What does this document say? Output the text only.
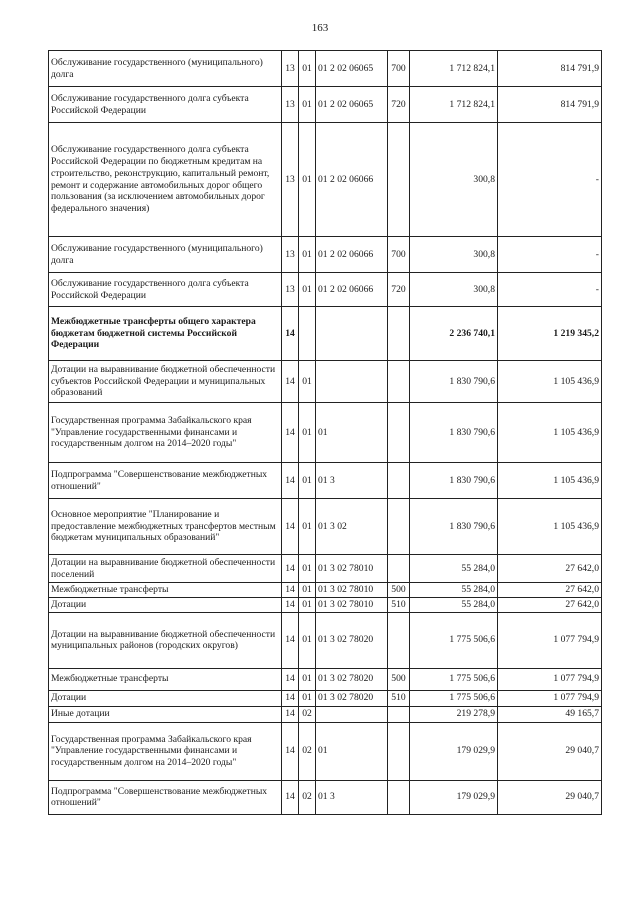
163
Обслуживание государственного (муниципального) долга	13	01	01 2 02 06065	700	1 712 824,1	814 791,9
Обслуживание государственного долга субъекта Российской Федерации	13	01	01 2 02 06065	720	1 712 824,1	814 791,9
Обслуживание государственного долга субъекта Российской Федерации по бюджетным кредитам на строительство, реконструкцию, капитальный ремонт, ремонт и содержание автомобильных дорог общего пользования (за исключением автомобильных дорог федерального значения)	13	01	01 2 02 06066		300,8	-
Обслуживание государственного (муниципального) долга	13	01	01 2 02 06066	700	300,8	-
Обслуживание государственного долга субъекта Российской Федерации	13	01	01 2 02 06066	720	300,8	-
Межбюджетные трансферты общего характера бюджетам бюджетной системы Российской Федерации	14				2 236 740,1	1 219 345,2
Дотации на выравнивание бюджетной обеспеченности субъектов Российской Федерации и муниципальных образований	14	01			1 830 790,6	1 105 436,9
Государственная программа Забайкальского края "Управление государственными финансами и государственным долгом на 2014–2020 годы"	14	01	01		1 830 790,6	1 105 436,9
Подпрограмма "Совершенствование межбюджетных отношений"	14	01	01 3		1 830 790,6	1 105 436,9
Основное мероприятие "Планирование и предоставление межбюджетных трансфертов местным бюджетам муниципальных образований"	14	01	01 3 02		1 830 790,6	1 105 436,9
Дотации на выравнивание бюджетной обеспеченности поселений	14	01	01 3 02 78010		55 284,0	27 642,0
Межбюджетные трансферты	14	01	01 3 02 78010	500	55 284,0	27 642,0
Дотации	14	01	01 3 02 78010	510	55 284,0	27 642,0
Дотации на выравнивание бюджетной обеспеченности муниципальных районов (городских округов)	14	01	01 3 02 78020		1 775 506,6	1 077 794,9
Межбюджетные трансферты	14	01	01 3 02 78020	500	1 775 506,6	1 077 794,9
Дотации	14	01	01 3 02 78020	510	1 775 506,6	1 077 794,9
Иные дотации	14	02			219 278,9	49 165,7
Государственная программа Забайкальского края "Управление государственными финансами и государственным долгом на 2014–2020 годы"	14	02	01		179 029,9	29 040,7
Подпрограмма "Совершенствование межбюджетных отношений"	14	02	01 3		179 029,9	29 040,7
